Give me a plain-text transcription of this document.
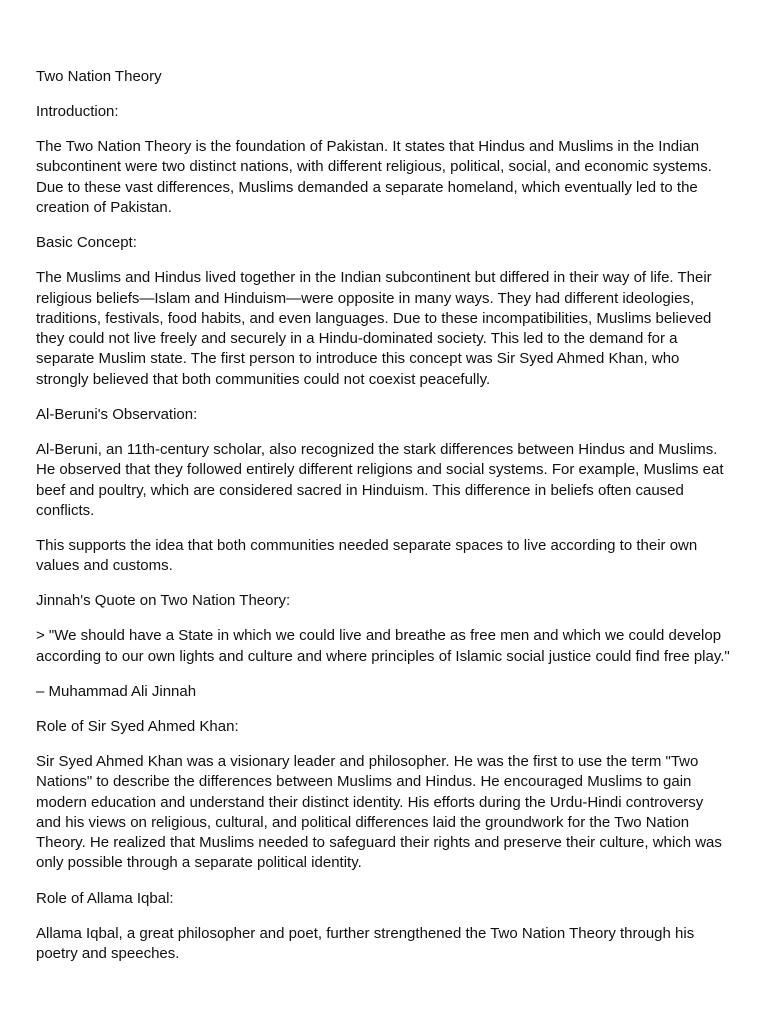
Two Nation Theory

Introduction:

The Two Nation Theory is the foundation of Pakistan. It states that Hindus and Muslims in the Indian subcontinent were two distinct nations, with different religious, political, social, and economic systems. Due to these vast differences, Muslims demanded a separate homeland, which eventually led to the creation of Pakistan.

Basic Concept:

The Muslims and Hindus lived together in the Indian subcontinent but differed in their way of life. Their religious beliefs—Islam and Hinduism—were opposite in many ways. They had different ideologies, traditions, festivals, food habits, and even languages. Due to these incompatibilities, Muslims believed they could not live freely and securely in a Hindu-dominated society. This led to the demand for a separate Muslim state. The first person to introduce this concept was Sir Syed Ahmed Khan, who strongly believed that both communities could not coexist peacefully.

Al-Beruni's Observation:

Al-Beruni, an 11th-century scholar, also recognized the stark differences between Hindus and Muslims. He observed that they followed entirely different religions and social systems. For example, Muslims eat beef and poultry, which are considered sacred in Hinduism. This difference in beliefs often caused conflicts.

This supports the idea that both communities needed separate spaces to live according to their own values and customs.

Jinnah's Quote on Two Nation Theory:

> "We should have a State in which we could live and breathe as free men and which we could develop according to our own lights and culture and where principles of Islamic social justice could find free play."

– Muhammad Ali Jinnah

Role of Sir Syed Ahmed Khan:

Sir Syed Ahmed Khan was a visionary leader and philosopher. He was the first to use the term "Two Nations" to describe the differences between Muslims and Hindus. He encouraged Muslims to gain modern education and understand their distinct identity. His efforts during the Urdu-Hindi controversy and his views on religious, cultural, and political differences laid the groundwork for the Two Nation Theory. He realized that Muslims needed to safeguard their rights and preserve their culture, which was only possible through a separate political identity.

Role of Allama Iqbal:

Allama Iqbal, a great philosopher and poet, further strengthened the Two Nation Theory through his poetry and speeches.
